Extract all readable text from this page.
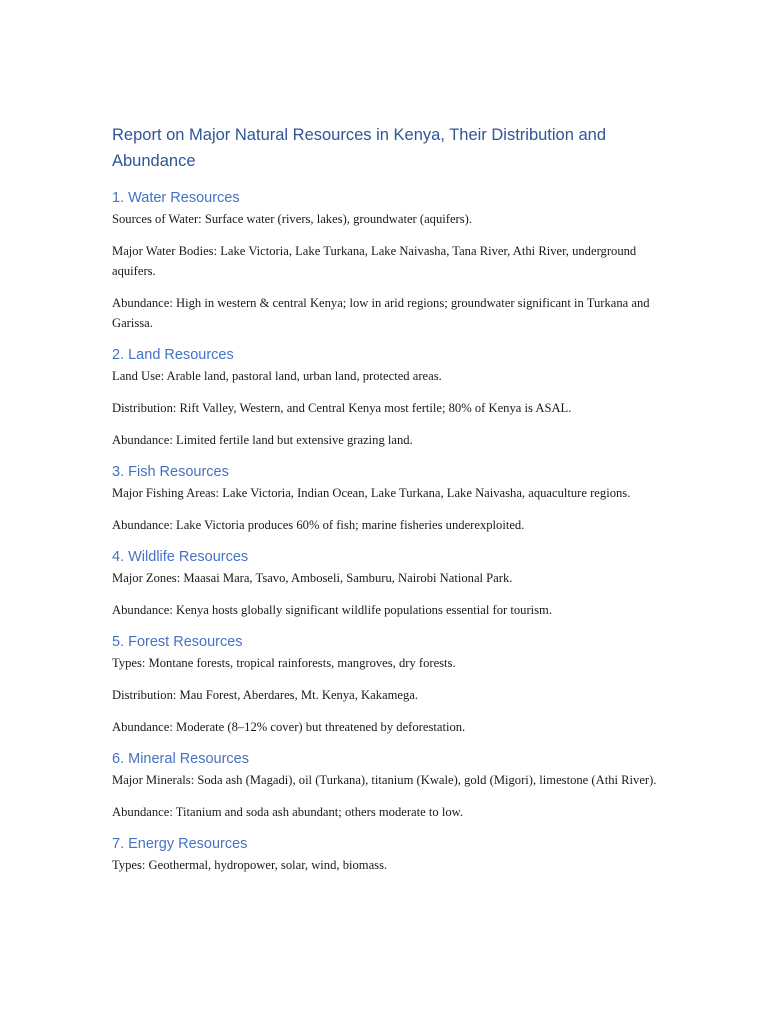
Report on Major Natural Resources in Kenya, Their Distribution and Abundance
1. Water Resources

Sources of Water: Surface water (rivers, lakes), groundwater (aquifers).

Major Water Bodies: Lake Victoria, Lake Turkana, Lake Naivasha, Tana River, Athi River, underground aquifers.

Abundance: High in western & central Kenya; low in arid regions; groundwater significant in Turkana and Garissa.

2. Land Resources

Land Use: Arable land, pastoral land, urban land, protected areas.

Distribution: Rift Valley, Western, and Central Kenya most fertile; 80% of Kenya is ASAL.

Abundance: Limited fertile land but extensive grazing land.

3. Fish Resources

Major Fishing Areas: Lake Victoria, Indian Ocean, Lake Turkana, Lake Naivasha, aquaculture regions.

Abundance: Lake Victoria produces 60% of fish; marine fisheries underexploited.

4. Wildlife Resources

Major Zones: Maasai Mara, Tsavo, Amboseli, Samburu, Nairobi National Park.

Abundance: Kenya hosts globally significant wildlife populations essential for tourism.

5. Forest Resources

Types: Montane forests, tropical rainforests, mangroves, dry forests.

Distribution: Mau Forest, Aberdares, Mt. Kenya, Kakamega.

Abundance: Moderate (8–12% cover) but threatened by deforestation.

6. Mineral Resources

Major Minerals: Soda ash (Magadi), oil (Turkana), titanium (Kwale), gold (Migori), limestone (Athi River).

Abundance: Titanium and soda ash abundant; others moderate to low.

7. Energy Resources

Types: Geothermal, hydropower, solar, wind, biomass.
